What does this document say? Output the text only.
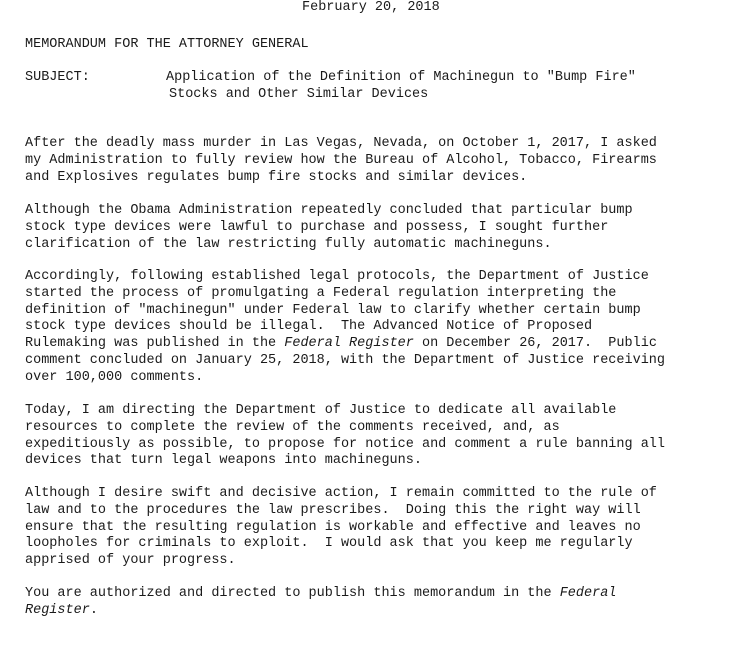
February 20, 2018
MEMORANDUM FOR THE ATTORNEY GENERAL
SUBJECT:	Application of the Definition of Machinegun to "Bump Fire"
Stocks and Other Similar Devices
After the deadly mass murder in Las Vegas, Nevada, on October 1, 2017, I asked
my Administration to fully review how the Bureau of Alcohol, Tobacco, Firearms
and Explosives regulates bump fire stocks and similar devices.
Although the Obama Administration repeatedly concluded that particular bump
stock type devices were lawful to purchase and possess, I sought further
clarification of the law restricting fully automatic machineguns.
Accordingly, following established legal protocols, the Department of Justice
started the process of promulgating a Federal regulation interpreting the
definition of "machinegun" under Federal law to clarify whether certain bump
stock type devices should be illegal.  The Advanced Notice of Proposed
Rulemaking was published in the Federal Register on December 26, 2017.  Public
comment concluded on January 25, 2018, with the Department of Justice receiving
over 100,000 comments.
Today, I am directing the Department of Justice to dedicate all available
resources to complete the review of the comments received, and, as
expeditiously as possible, to propose for notice and comment a rule banning all
devices that turn legal weapons into machineguns.
Although I desire swift and decisive action, I remain committed to the rule of
law and to the procedures the law prescribes.  Doing this the right way will
ensure that the resulting regulation is workable and effective and leaves no
loopholes for criminals to exploit.  I would ask that you keep me regularly
apprised of your progress.
You are authorized and directed to publish this memorandum in the Federal
Register.
